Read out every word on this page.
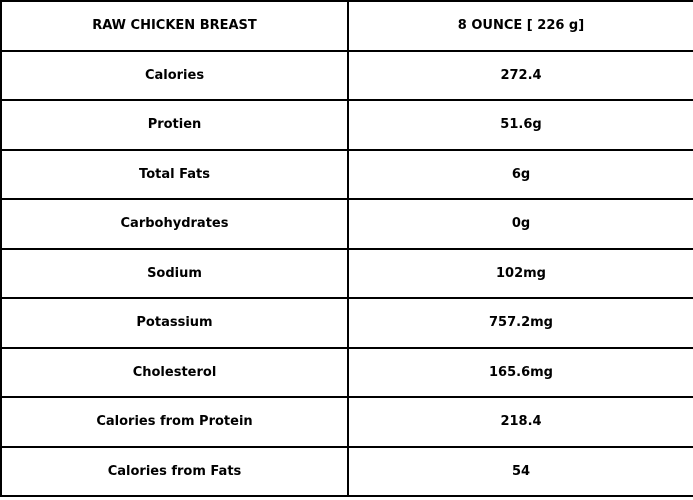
RAW CHICKEN BREAST	8 OUNCE [ 226 g]
Calories	272.4
Protien	51.6g
Total Fats	6g
Carbohydrates	0g
Sodium	102mg
Potassium	757.2mg
Cholesterol	165.6mg
Calories from Protein	218.4
Calories from Fats	54
